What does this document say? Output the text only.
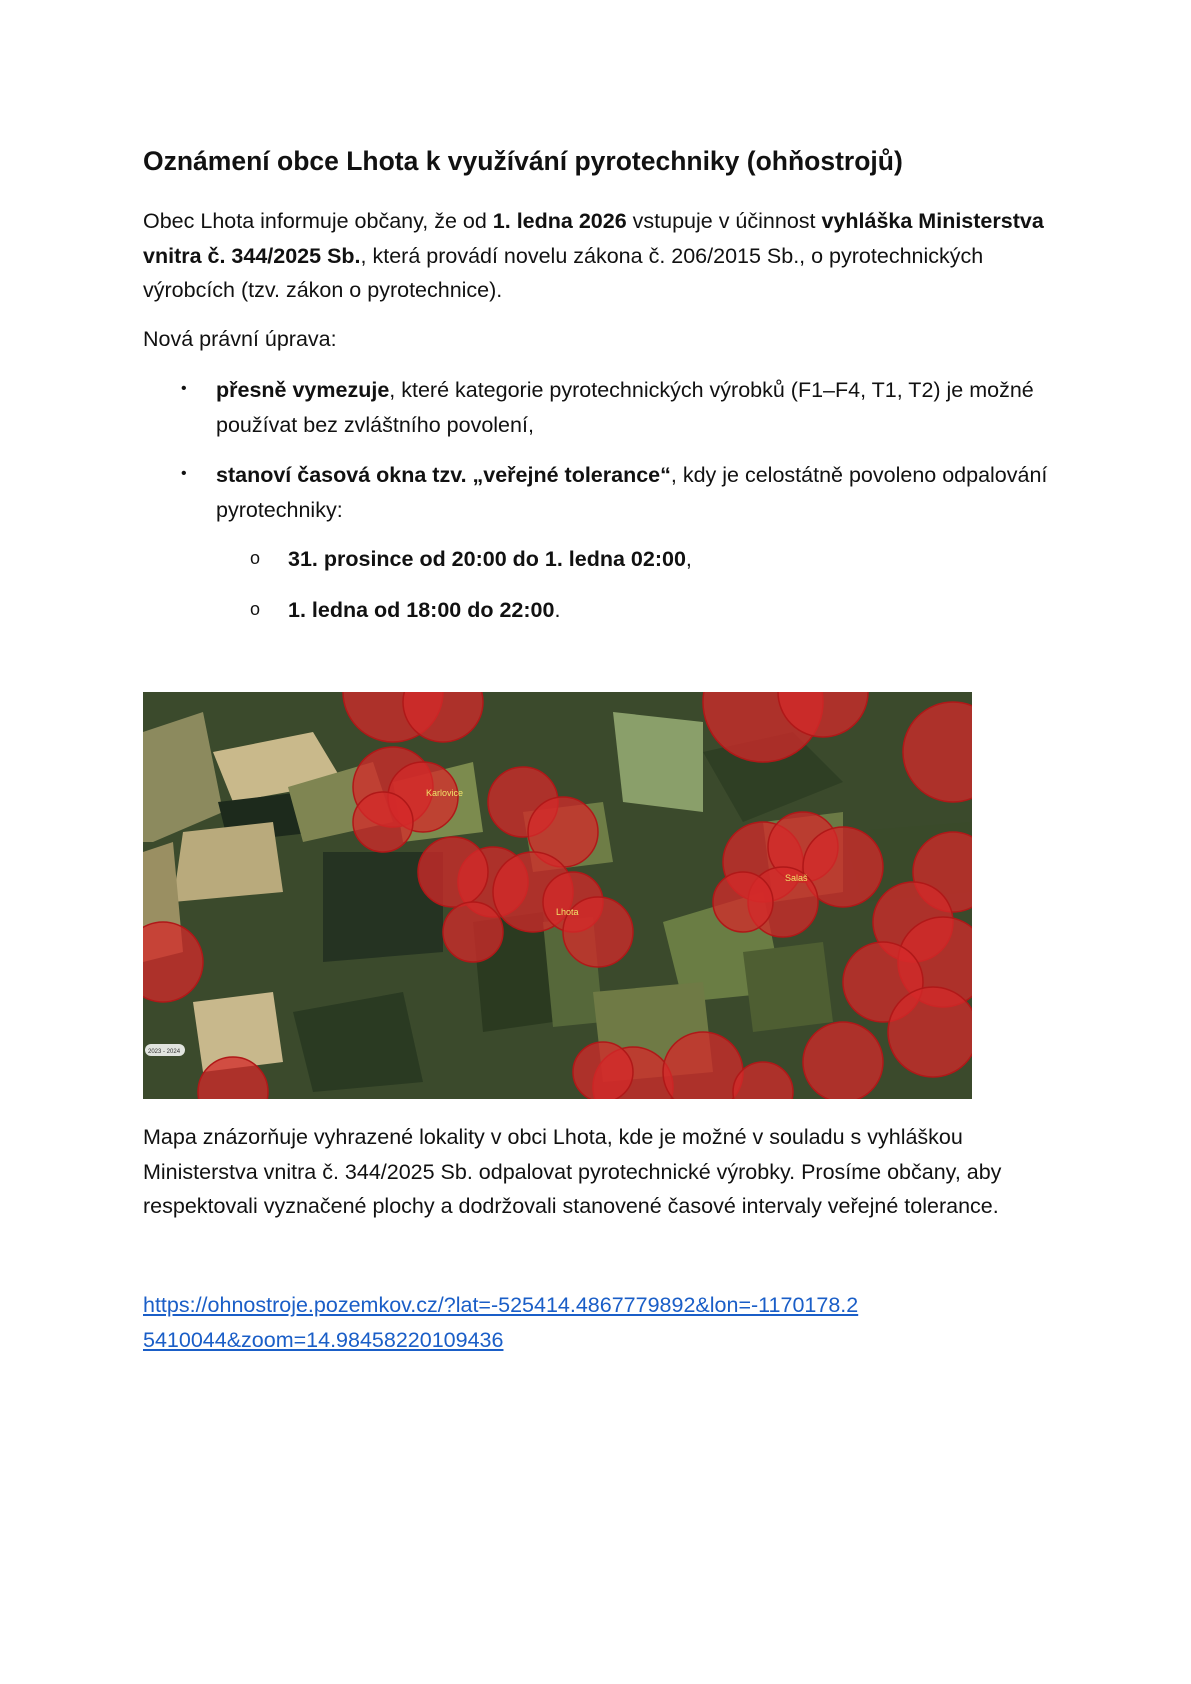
Oznámení obce Lhota k využívání pyrotechniky (ohňostrojů)

Obec Lhota informuje občany, že od 1. ledna 2026 vstupuje v účinnost vyhláška Ministerstva vnitra č. 344/2025 Sb., která provádí novelu zákona č. 206/2015 Sb., o pyrotechnických výrobcích (tzv. zákon o pyrotechnice).

Nová právní úprava:

• přesně vymezuje, které kategorie pyrotechnických výrobků (F1–F4, T1, T2) je možné používat bez zvláštního povolení,

• stanoví časová okna tzv. „veřejné tolerance“, kdy je celostátně povoleno odpalování pyrotechniky:

o 31. prosince od 20:00 do 1. ledna 02:00,

o 1. ledna od 18:00 do 22:00.

Karlovice
Lhota
Salaš
2023 - 2024

Mapa znázorňuje vyhrazené lokality v obci Lhota, kde je možné v souladu s vyhláškou Ministerstva vnitra č. 344/2025 Sb. odpalovat pyrotechnické výrobky. Prosíme občany, aby respektovali vyznačené plochy a dodržovali stanovené časové intervaly veřejné tolerance.

https://ohnostroje.pozemkov.cz/?lat=-525414.4867779892&lon=-1170178.25410044&zoom=14.98458220109436
